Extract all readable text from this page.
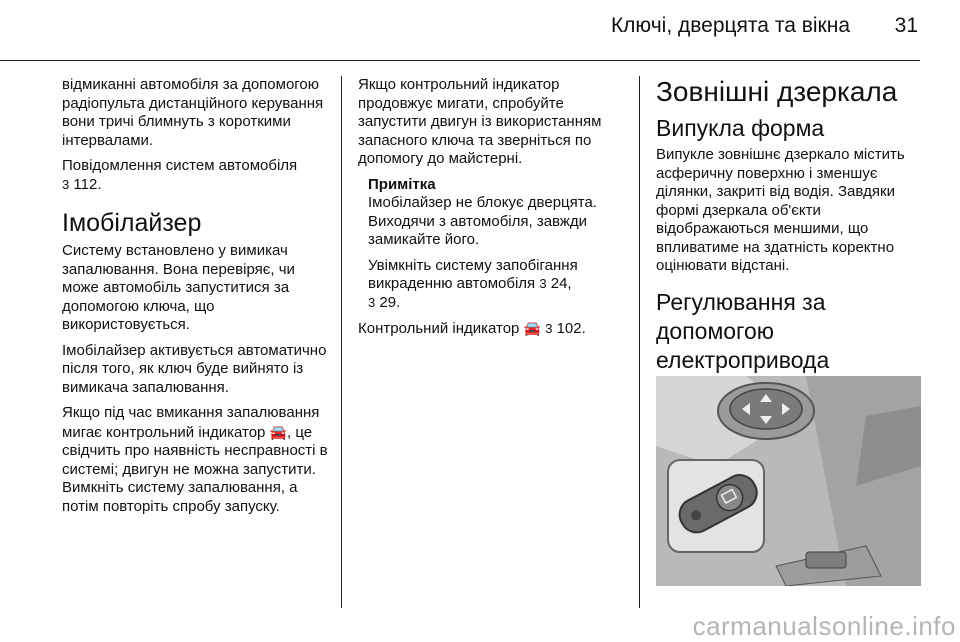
Ключі, дверцята та вікна 31

відмиканні автомобіля за допомогою радіопульта дистанційного керування вони тричі блимнуть з короткими інтервалами.

Повідомлення систем автомобіля
3 112.

Імобілайзер

Систему встановлено у вимикач запалювання. Вона перевіряє, чи може автомобіль запуститися за допомогою ключа, що використовується.

Імобілайзер активується автоматично після того, як ключ буде вийнято із вимикача запалювання.

Якщо під час вмикання запалювання мигає контрольний індикатор 🚘, це свідчить про наявність несправності в системі; двигун не можна запустити. Вимкніть систему запалювання, а потім повторіть спробу запуску.

Якщо контрольний індикатор продовжує мигати, спробуйте запустити двигун із використанням запасного ключа та зверніться по допомогу до майстерні.

Примітка

Імобілайзер не блокує дверцята. Виходячи з автомобіля, завжди замикайте його.

Увімкніть систему запобігання викраденню автомобіля 3 24,
3 29.

Контрольний індикатор 🚘 3 102.

Зовнішні дзеркала
Випукла форма

Випукле зовнішнє дзеркало містить асферичну поверхню і зменшує ділянки, закриті від водія. Завдяки формі дзеркала об'єкти відображаються меншими, що впливатиме на здатність коректно оцінювати відстані.

Регулювання за
допомогою
електропривода
carmanualsonline.info
